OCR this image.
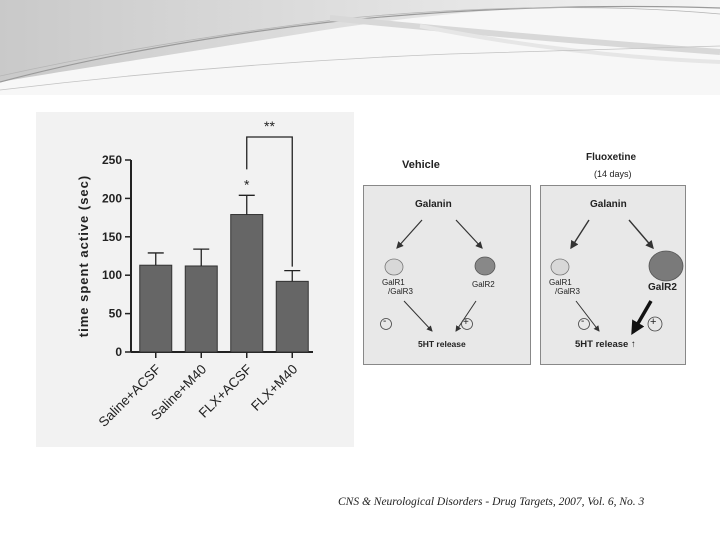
time spent active (sec)
0
50
100
150
200
250
Saline+ACSF
Saline+M40
FLX+ACSF
FLX+M40
*
**
Vehicle
Galanin
GalR1
/GalR3
GalR2
-	+
5HT release
Fluoxetine
(14 days)
Galanin
GalR1
/GalR3	GalR2
-	+
5HT release ↑
CNS & Neurological Disorders - Drug Targets, 2007, Vol. 6, No. 3
